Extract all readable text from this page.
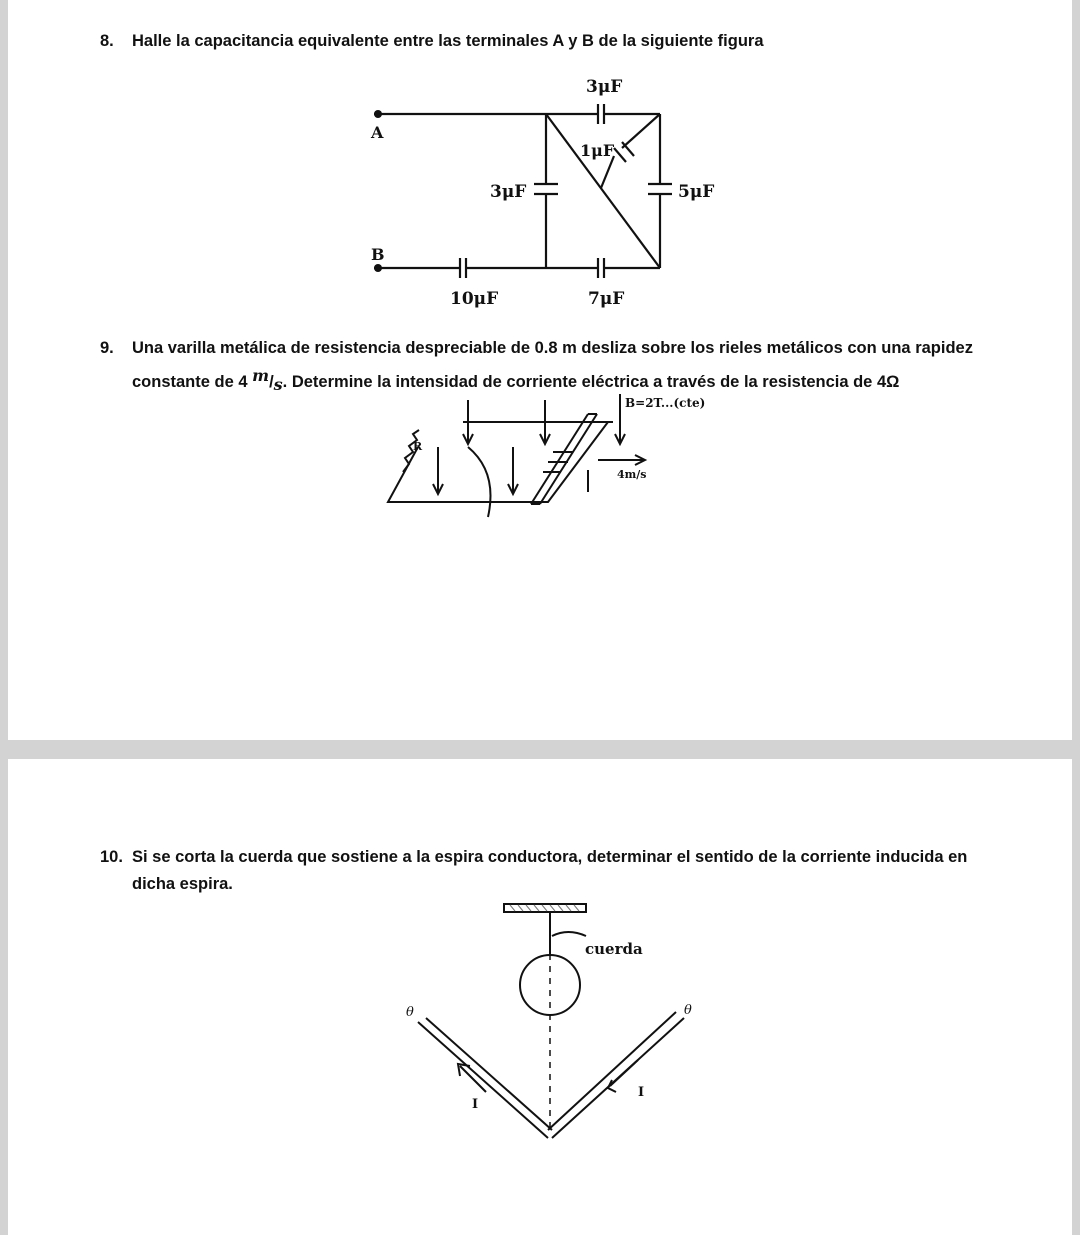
8. Halle la capacitancia equivalente entre las terminales A y B de la siguiente figura
A
B
3μF
1μF
3μF	5μF
10μF	7μF
9. Una varilla metálica de resistencia despreciable de 0.8 m desliza sobre los rieles metálicos con una rapidez
constante de 4 m/s. Determine la intensidad de corriente eléctrica a través de la resistencia de 4Ω
B=2T...(cte)
R
4m/s
10. Si se corta la cuerda que sostiene a la espira conductora, determinar el sentido de la corriente inducida en dicha espira.
cuerda
I
I
θ	θ
